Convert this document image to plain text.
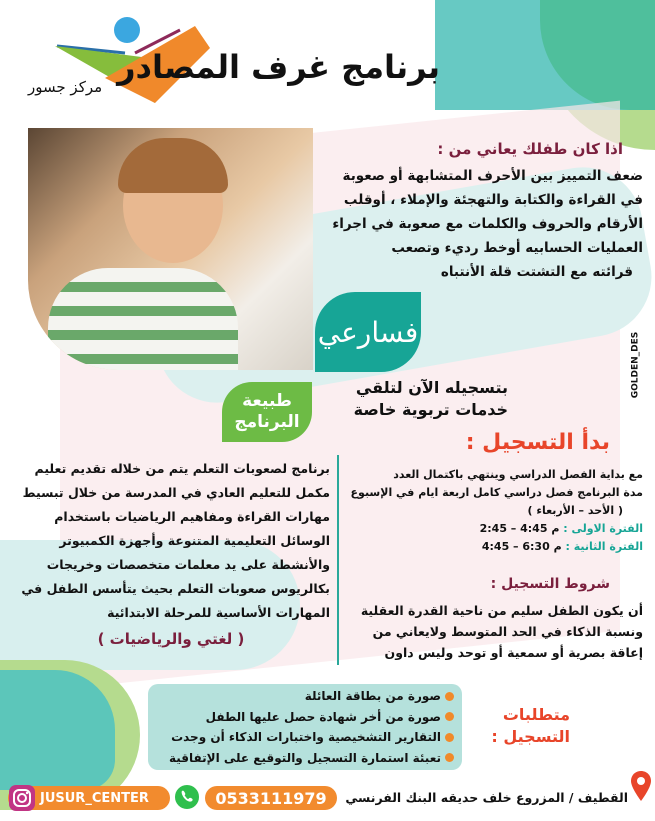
مركز جسور
برنامج غرف المصادر
اذا كان طفلك يعاني من :
ضعف التمييز بين الأحرف المتشابهة أو صعوبة
في القراءة والكتابة والتهجئة والإملاء ، أوقلب
الأرقام والحروف والكلمات مع صعوبة في اجراء
العمليات الحسابيه أوخط رديء وتصعب
قرائته مع التشتت قلة الأنتباه
فسارعي
بتسجيله الآن لتلقي
خدمات تربوية خاصة
طبيعة
البرنامج
GOLDEN_DES
بدأ التسجيل :
مع بداية الفصل الدراسي وينتهي باكتمال العدد
مدة البرنامج فصل دراسي كامل اربعة ايام في الإسبوع
( الأحد – الأربعاء )
الفترة الاولى : 2:45 – 4:45 م
الفترة الثانية : 4:45 – 6:30 م
شروط التسجيل :
أن يكون الطفل سليم من ناحية القدرة العقلية
ونسبة الذكاء في الحد المتوسط ولايعاني من
إعاقة بصرية أو سمعية أو توحد وليس داون
برنامج لصعوبات التعلم يتم من خلاله تقديم تعليم
مكمل للتعليم العادي في المدرسة من خلال تبسيط
مهارات القراءة ومفاهيم الرياضيات باستخدام
الوسائل التعليمية المتنوعة وأجهزة الكمبيوتر
والأنشطة على يد معلمات متخصصات وخريجات
بكالريوس صعوبات التعلم بحيث يتأسس الطفل في
المهارات الأساسية للمرحلة الابتدائية
( لغتي والرياضيات )
متطلبات
التسجيل :
صورة من بطاقة العائلة
صورة من أخر شهادة حصل عليها الطفل
التقارير التشخيصية واختبارات الذكاء أن وجدت
تعبئة استمارة التسجيل والتوقيع على الإتفاقية
القطيف / المزروع خلف حديقه البنك الفرنسي
0533111979
JUSUR_CENTER
